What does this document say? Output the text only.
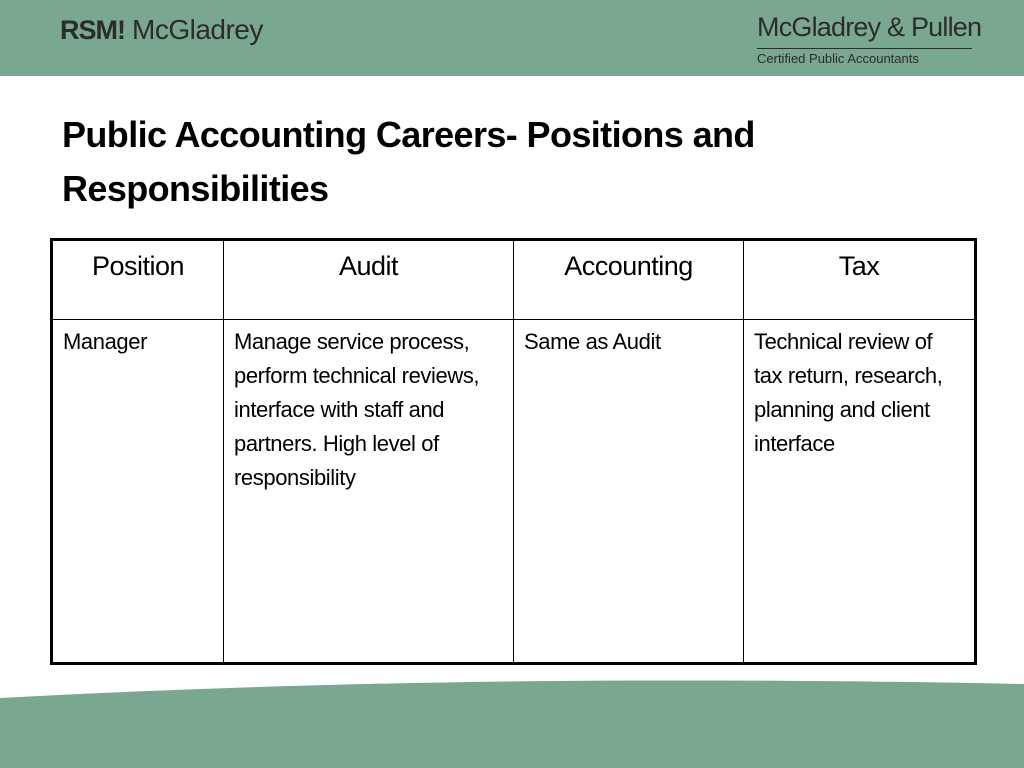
RSM! McGladrey	McGladrey & Pullen
Certified Public Accountants
Public Accounting Careers- Positions and
Responsibilities
Position	Audit	Accounting	Tax
Manager	Manage service process, perform technical reviews, interface with staff and partners. High level of responsibility	Same as Audit	Technical review of tax return, research, planning and client interface
